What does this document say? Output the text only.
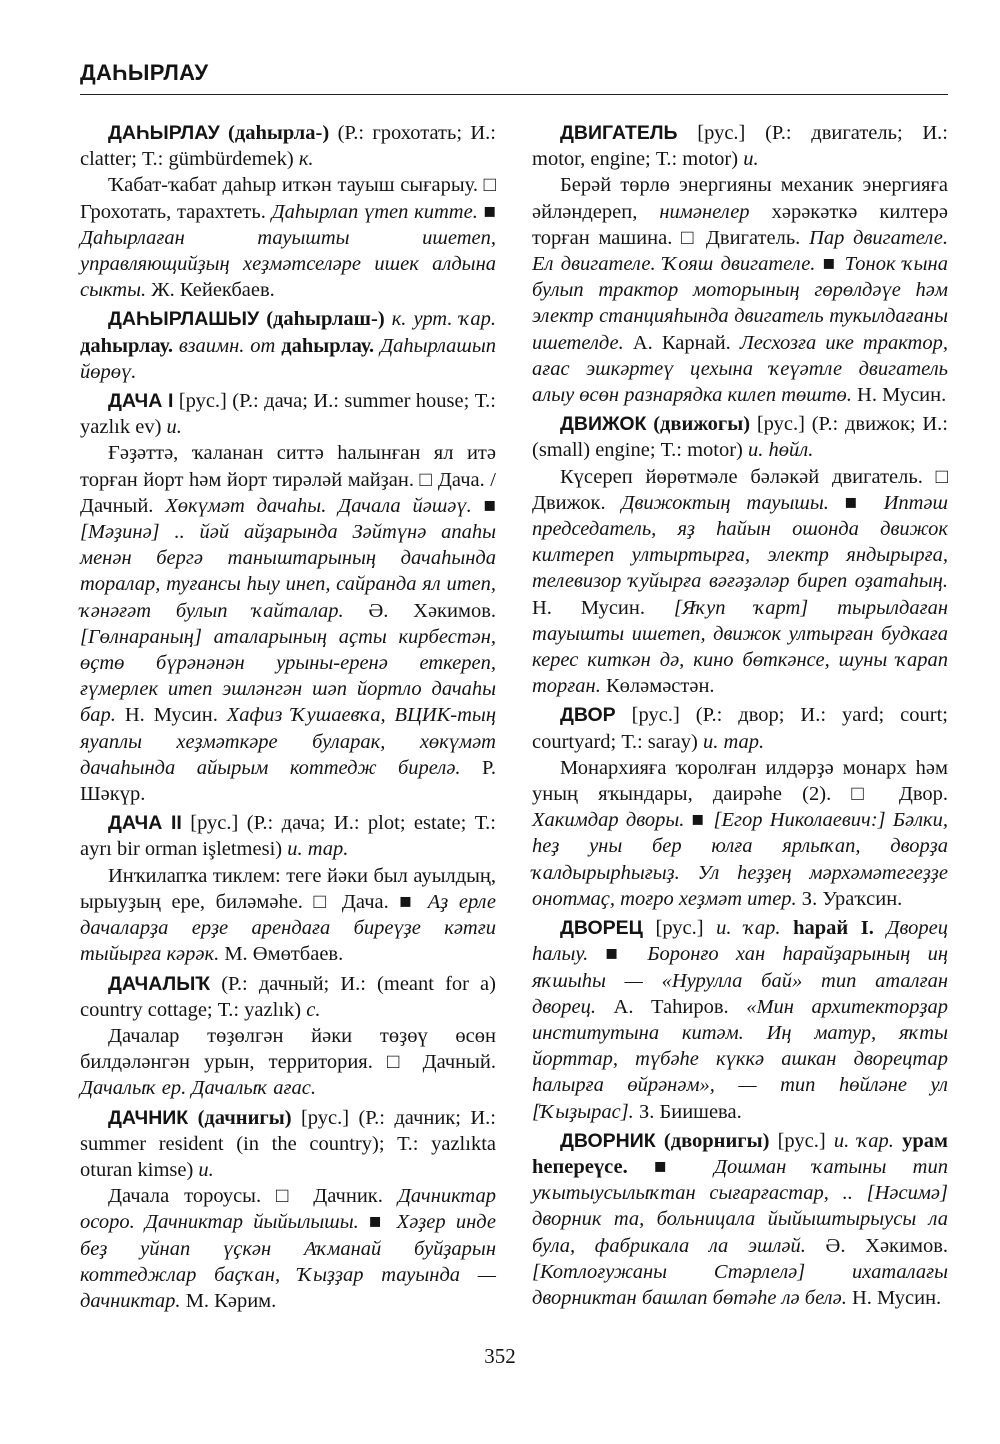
ДАҺЫРЛАУ

ДАҺЫРЛАУ (даһырла-) (Р.: грохотать; И.: clatter; Т.: gümbürdemek) к.

Ҡабат-ҡабат даһыр иткән тауыш сығарыу. □ Грохотать, тарахтеть. Даһырлап үтеп китте. ■ Даһырлаған тауышты ишетеп, управляющийҙың хеҙмәтселәре ишек алдына сыкты. Ж. Кейекбаев.

ДАҺЫРЛАШЫУ (даһырлаш-) к. урт. ҡар. даһырлау. взаимн. от даһырлау. Даһырлашып йөрөү.

ДАЧА I [рус.] (Р.: дача; И.: summer house; Т.: yazlık ev) и.

Ғәҙәттә, ҡаланан ситтә һалынған ял итә торған йорт һәм йорт тирәләй майҙан. □ Дача. / Дачный. Хөкүмәт дачаһы. Дачала йәшәү. ■ [Мәҙинә] .. йәй айҙарында Зәйтүнә апаһы менән бергә таныштарының дачаһында торалар, туғансы һыу инеп, сайранда ял итеп, ҡәнәғәт булып ҡайталар. Ә. Хәкимов. [Гөлнараның] аталарының аҫты кирбестән, өҫтө бүрәнәнән урыны-еренә еткереп, ғүмерлек итеп эшләнгән шәп йортло дачаһы бар. Н. Мусин. Хафиз Ҡушаевҡа, ВЦИК-тың яуаплы хеҙмәткәре буларак, хөкүмәт дачаһында айырым коттедж бирелә. Р. Шәкүр.

ДАЧА II [рус.] (Р.: дача; И.: plot; estate; Т.: ayrı bir orman işletmesi) и. тар.

Инҡилапҡа тиклем: теге йәки был ауылдың, ырыуҙың ере, биләмәһе. □ Дача. ■ Аҙ ерле дачаларҙа ерҙе арендаға биреүҙе кәтғи тыйырға кәрәк. М. Өмөтбаев.

ДАЧАЛЫҠ (Р.: дачный; И.: (meant for a) country cottage; Т.: yazlık) с.

Дачалар төҙөлгән йәки төҙөү өсөн билдәләнгән урын, территория. □ Дачный. Дачалыҡ ер. Дачалыҡ ағас.

ДАЧНИК (дачнигы) [рус.] (Р.: дачник; И.: summer resident (in the country); Т.: yazlıkta oturan kimse) и.

Дачала тороусы. □ Дачник. Дачниктар осоро. Дачниктар йыйылышы. ■ Хәҙер инде беҙ уйнап үҫкән Аҡманай буйҙарын коттеджлар баҫҡан, Ҡыҙҙар тауында — дачниктар. М. Кәрим.

ДВИГАТЕЛЬ [рус.] (Р.: двигатель; И.: motor, engine; Т.: motor) и.

Берәй төрлө энергияны механик энергияға әйләндереп, нимәнелер хәрәкәткә килтерә торған машина. □ Двигатель. Пар двигателе. Ел двигателе. Ҡояш двигателе. ■ Тонок ҡына булып трактор моторының гөрөлдәүе һәм электр станцияһында двигатель тукылдағаны ишетелде. А. Карнай. Лесхозға ике трактор, ағас эшкәртеү цехына ҡеүәтле двигатель алыу өсөн разнарядка килеп төштө. Н. Мусин.

ДВИЖОК (движогы) [рус.] (Р.: движок; И.: (small) engine; Т.: motor) и. һөйл.

Күсереп йөрөтмәле бәләкәй двигатель. □ Движок. Движоктың тауышы. ■ Иптәш председатель, яҙ һайын ошонда движок килтереп ултыртырға, электр яндырырға, телевизор ҡуйырға вәғәҙәләр биреп оҙатаһың. Н. Мусин. [Яҡуп ҡарт] тырылдаған тауышты ишетеп, движок ултырған будкаға керес киткән дә, кино бөткәнсе, шуны ҡарап торған. Көләмәстән.

ДВОР [рус.] (Р.: двор; И.: yard; court; courtyard; Т.: saray) и. тар.

Монархияға ҡоролған илдәрҙә монарх һәм уның яҡындары, даирәһе (2). □ Двор. Хакимдар дворы. ■ [Егор Николаевич:] Бәлки, һеҙ уны бер юлға ярлыҡап, дворҙа ҡалдырырһығыҙ. Ул һеҙҙең мәрхәмәтегеҙҙе онотмаҫ, тоғро хеҙмәт итер. З. Ураҡсин.

ДВОРЕЦ [рус.] и. ҡар. һарай I. Дворец һалыу. ■ Боронғо хан һарайҙарының иң яҡшыһы — «Нурулла бай» тип аталған дворец. А. Таһиров. «Мин архитекторҙар институтына китәм. Иң матур, яҡты йорттар, түбәһе күккә ашкан дворецтар һалырға өйрәнәм», — тип һөйләне ул [Ҡыҙырас]. З. Биишева.

ДВОРНИК (дворнигы) [рус.] и. ҡар. урам һепереүсе. ■ Дошман ҡатыны тип уҡытыусылыҡтан сығарғастар, .. [Нәсимә] дворник та, больницала йыйыштырыусы ла була, фабрикала ла эшләй. Ә. Хәкимов. [Котлоғужаны Стәрлелә] ихаталағы дворниктан башлап бөтәһе лә белә. Н. Мусин.

352
